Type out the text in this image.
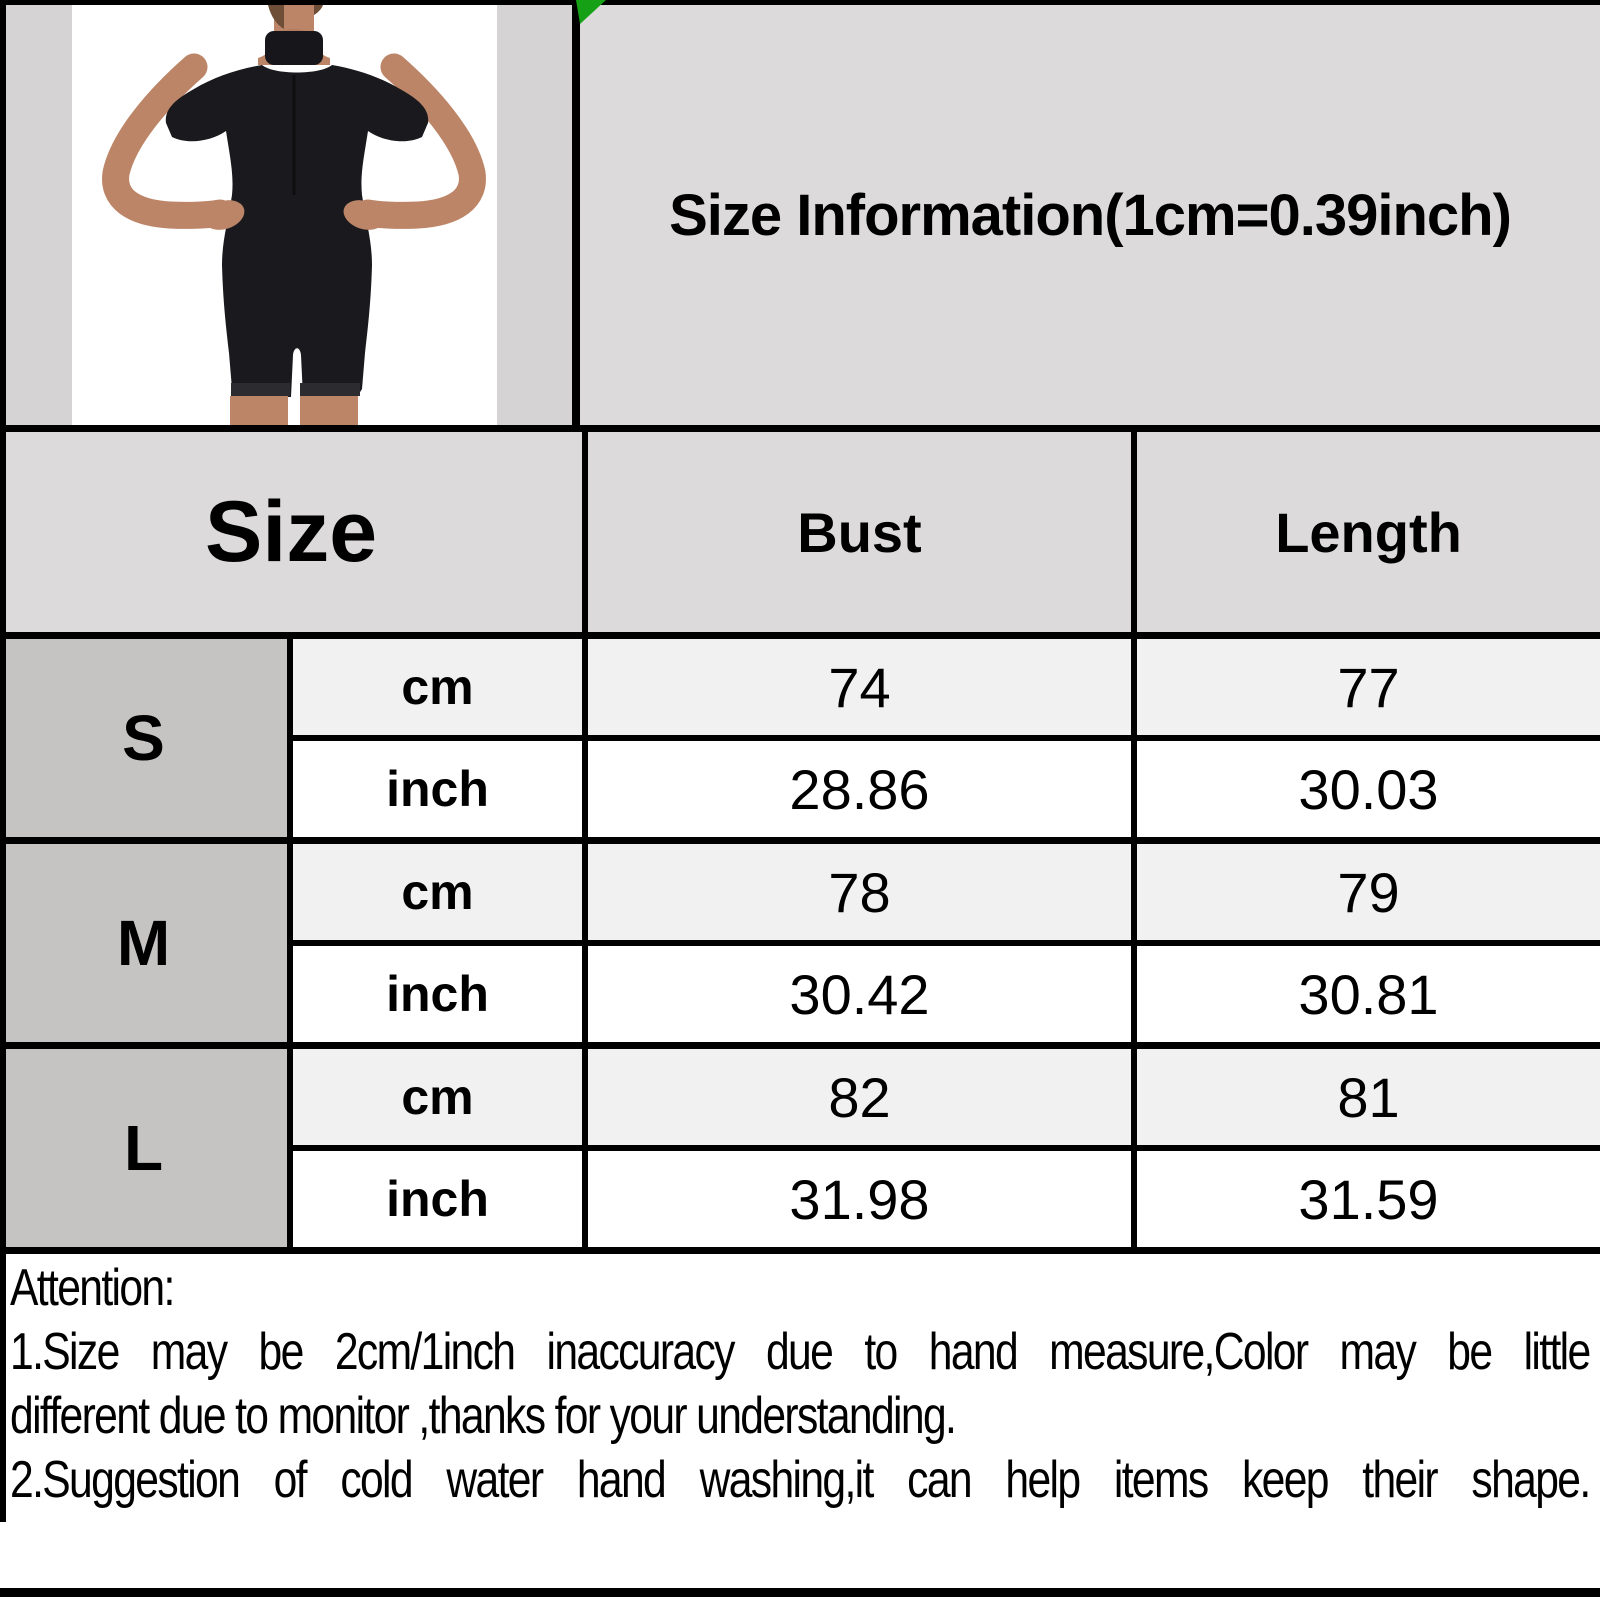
Size Information(1cm=0.39inch)
Size	Bust	Length
S
cm	74	77
inch	28.86	30.03
M
cm	78	79
inch	30.42	30.81
L
cm	82	81
inch	31.98	31.59
Attention:
1.Size may be 2cm/1inch inaccuracy due to hand measure,Color may be little
different due to monitor ,thanks for your understanding.
2.Suggestion of cold water hand washing,it can help items keep their shape.
